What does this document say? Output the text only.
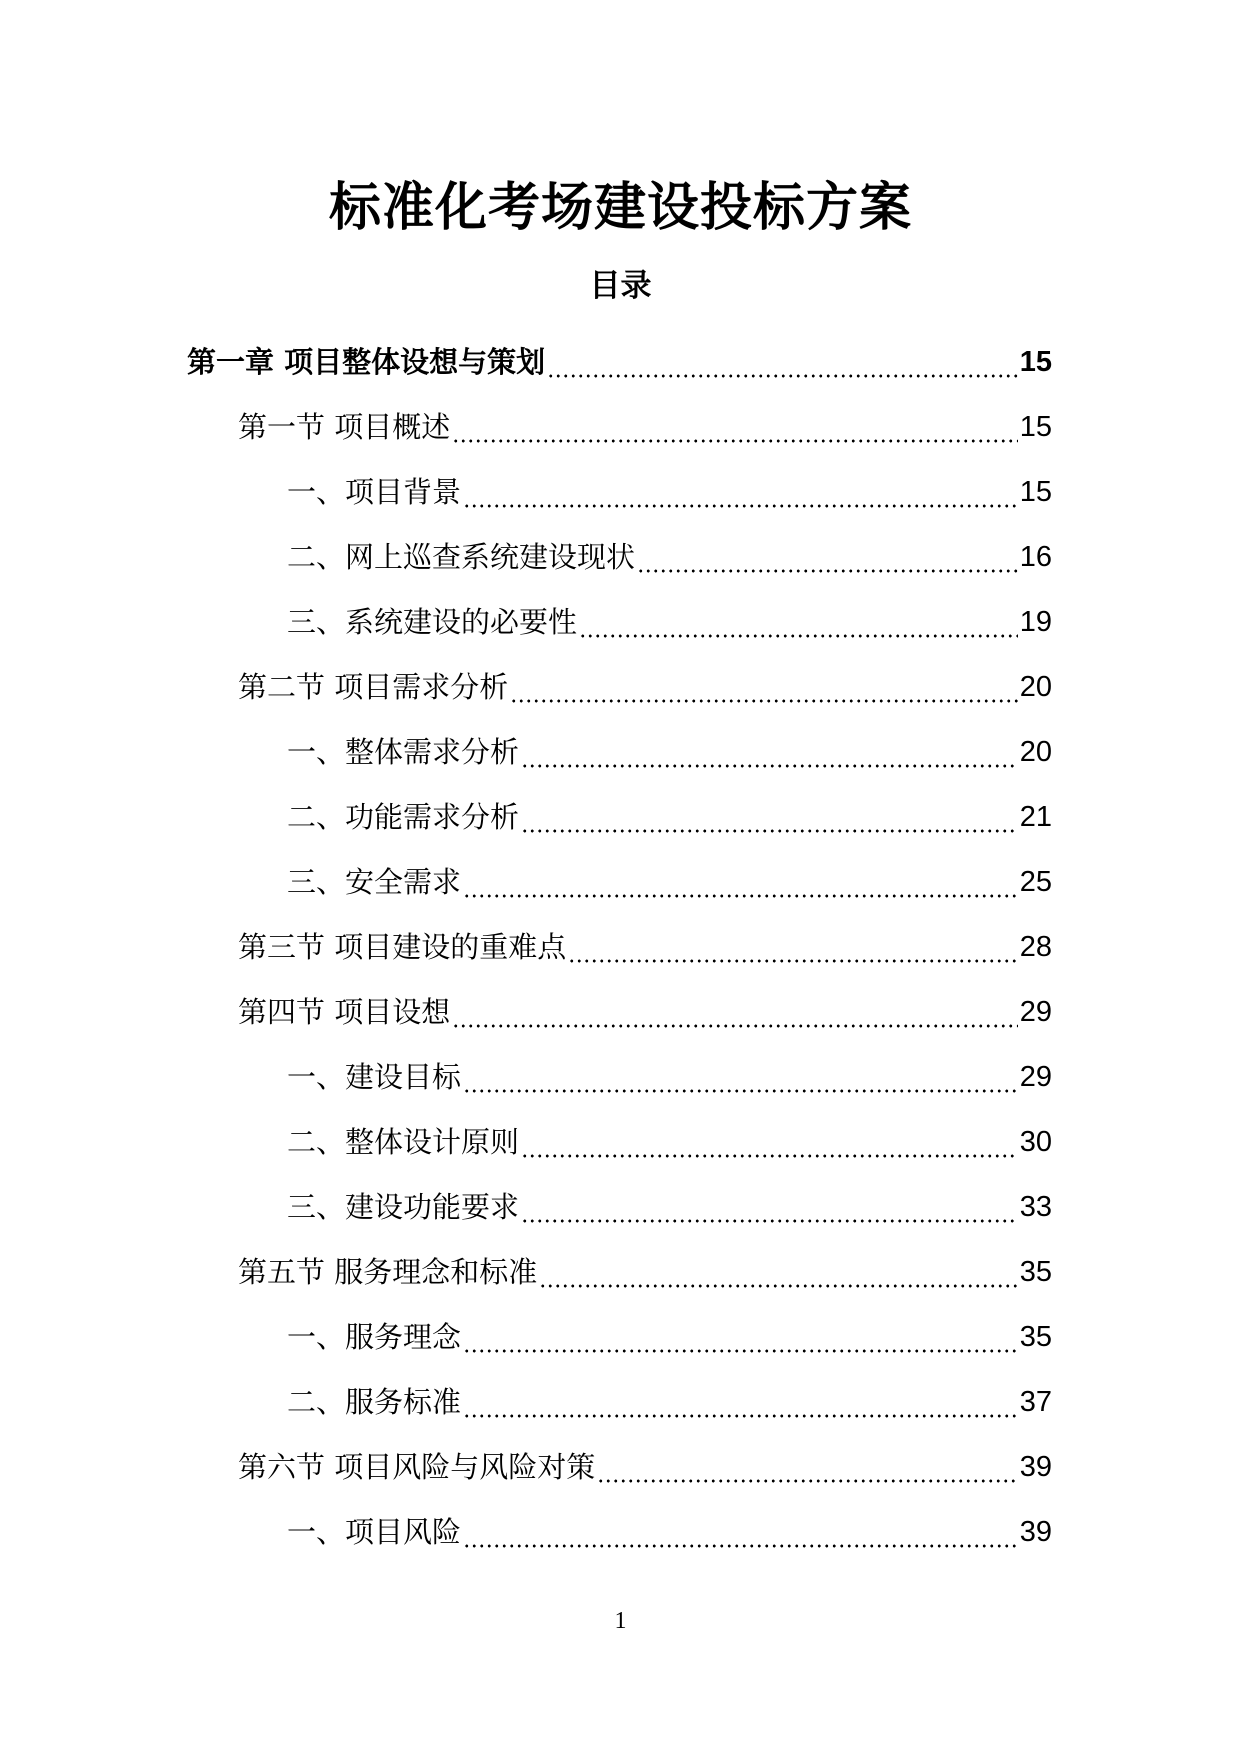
标准化考场建设投标方案
目录
第一章 项目整体设想与策划	15
第一节 项目概述	15
一、项目背景	15
二、网上巡查系统建设现状	16
三、系统建设的必要性	19
第二节 项目需求分析	20
一、整体需求分析	20
二、功能需求分析	21
三、安全需求	25
第三节 项目建设的重难点	28
第四节 项目设想	29
一、建设目标	29
二、整体设计原则	30
三、建设功能要求	33
第五节 服务理念和标准	35
一、服务理念	35
二、服务标准	37
第六节 项目风险与风险对策	39
一、项目风险	39
1
